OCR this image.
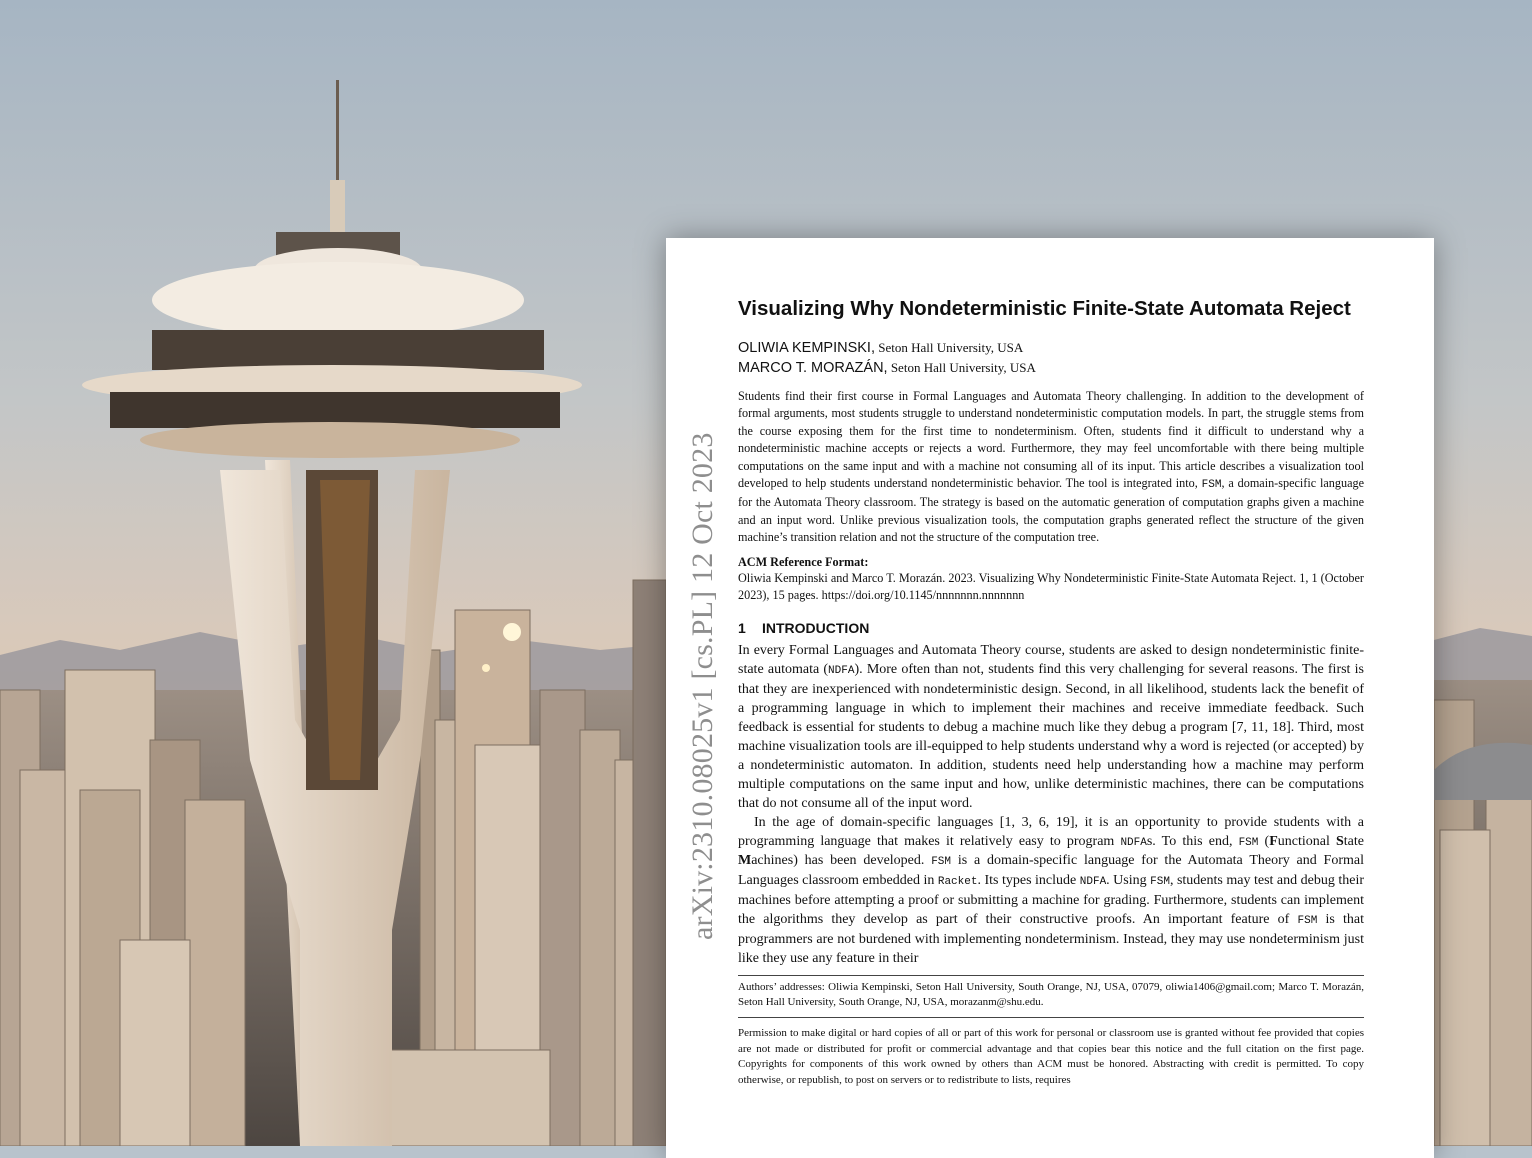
Visualizing Why Nondeterministic Finite-State Automata Reject
OLIWIA KEMPINSKI, Seton Hall University, USA
MARCO T. MORAZÁN, Seton Hall University, USA
Students find their first course in Formal Languages and Automata Theory challenging. In addition to the development of formal arguments, most students struggle to understand nondeterministic computation models. In part, the struggle stems from the course exposing them for the first time to nondeterminism. Often, students find it difficult to understand why a nondeterministic machine accepts or rejects a word. Furthermore, they may feel uncomfortable with there being multiple computations on the same input and with a machine not consuming all of its input. This article describes a visualization tool developed to help students understand nondeterministic behavior. The tool is integrated into, FSM, a domain-specific language for the Automata Theory classroom. The strategy is based on the automatic generation of computation graphs given a machine and an input word. Unlike previous visualization tools, the computation graphs generated reflect the structure of the given machine’s transition relation and not the structure of the computation tree.
ACM Reference Format:
Oliwia Kempinski and Marco T. Morazán. 2023. Visualizing Why Nondeterministic Finite-State Automata Reject. 1, 1 (October 2023), 15 pages. https://doi.org/10.1145/nnnnnnn.nnnnnnn
1 INTRODUCTION

In every Formal Languages and Automata Theory course, students are asked to design nondeterministic finite-state automata (NDFA). More often than not, students find this very challenging for several reasons. The first is that they are inexperienced with nondeterministic design. Second, in all likelihood, students lack the benefit of a programming language in which to implement their machines and receive immediate feedback. Such feedback is essential for students to debug a machine much like they debug a program [7, 11, 18]. Third, most machine visualization tools are ill-equipped to help students understand why a word is rejected (or accepted) by a nondeterministic automaton. In addition, students need help understanding how a machine may perform multiple computations on the same input and how, unlike deterministic machines, there can be computations that do not consume all of the input word.

In the age of domain-specific languages [1, 3, 6, 19], it is an opportunity to provide students with a programming language that makes it relatively easy to program NDFAs. To this end, FSM (Functional State Machines) has been developed. FSM is a domain-specific language for the Automata Theory and Formal Languages classroom embedded in Racket. Its types include NDFA. Using FSM, students may test and debug their machines before attempting a proof or submitting a machine for grading. Furthermore, students can implement the algorithms they develop as part of their constructive proofs. An important feature of FSM is that programmers are not burdened with implementing nondeterminism. Instead, they may use nondeterminism just like they use any feature in their

Authors’ addresses: Oliwia Kempinski, Seton Hall University, South Orange, NJ, USA, 07079, oliwia1406@gmail.com; Marco T. Morazán, Seton Hall University, South Orange, NJ, USA, morazanm@shu.edu.
Permission to make digital or hard copies of all or part of this work for personal or classroom use is granted without fee provided that copies are not made or distributed for profit or commercial advantage and that copies bear this notice and the full citation on the first page. Copyrights for components of this work owned by others than ACM must be honored. Abstracting with credit is permitted. To copy otherwise, or republish, to post on servers or to redistribute to lists, requires
arXiv:2310.08025v1 [cs.PL] 12 Oct 2023
